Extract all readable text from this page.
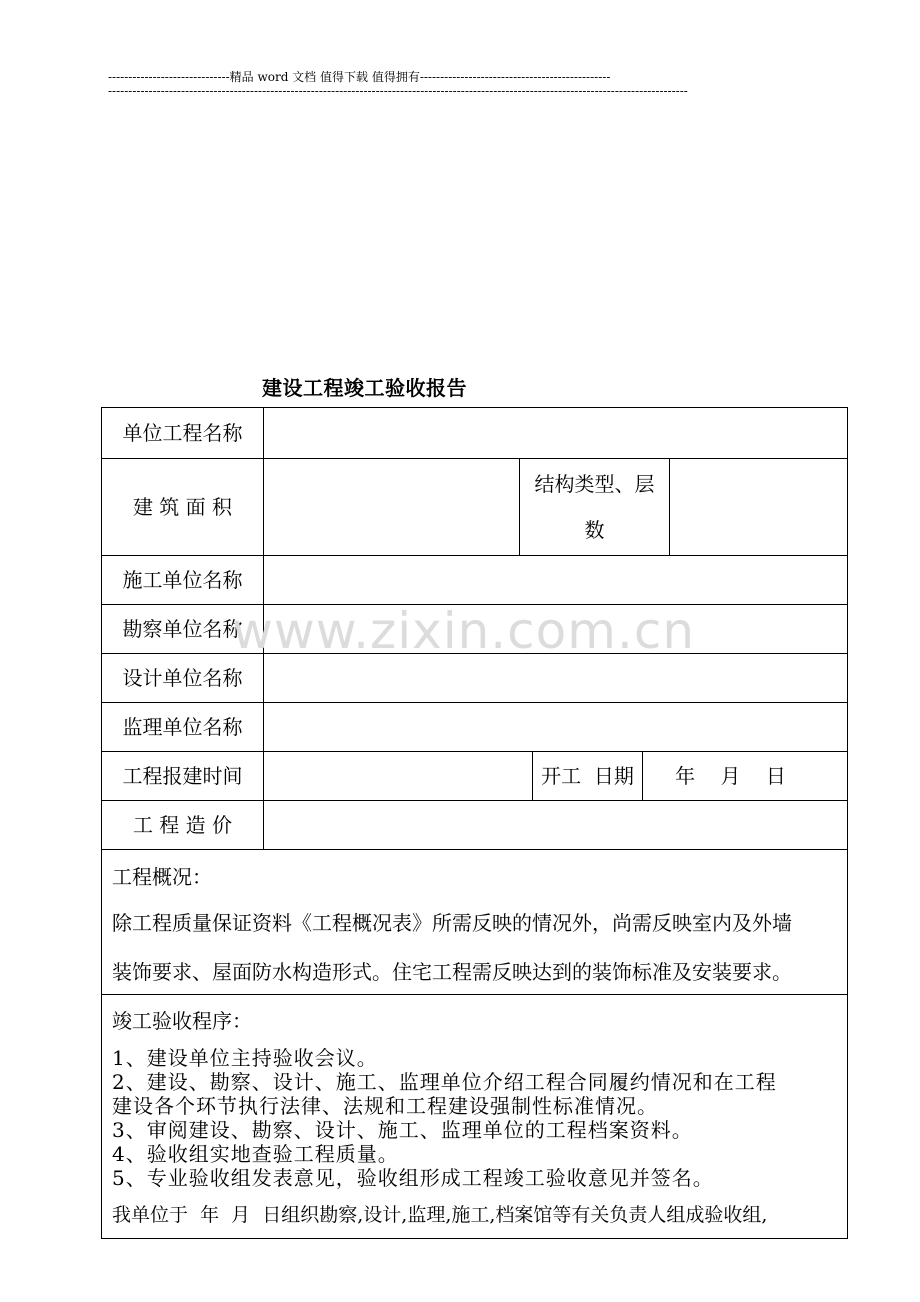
------------------------------精品 word 文档 值得下载 值得拥有-----------------------------------------------
-----------------------------------------------------------------------------------------------------------------------------------------------
建设工程竣工验收报告
单位工程名称
建 筑 面 积
结构类型、层
数
施工单位名称
勘察单位名称
设计单位名称
监理单位名称
工程报建时间	开工  日期	年    月    日
工 程 造 价
工程概况：
除工程质量保证资料《工程概况表》所需反映的情况外，尚需反映室内及外墙
装饰要求、屋面防水构造形式。住宅工程需反映达到的装饰标准及安装要求。
竣工验收程序：
1、建设单位主持验收会议。
2、建设、勘察、设计、施工、监理单位介绍工程合同履约情况和在工程
建设各个环节执行法律、法规和工程建设强制性标准情况。
3、审阅建设、勘察、设计、施工、监理单位的工程档案资料。
4、验收组实地查验工程质量。
5、专业验收组发表意见，验收组形成工程竣工验收意见并签名。
我单位于  年  月  日组织勘察,设计,监理,施工,档案馆等有关负责人组成验收组,
www.zixin.com.cn
